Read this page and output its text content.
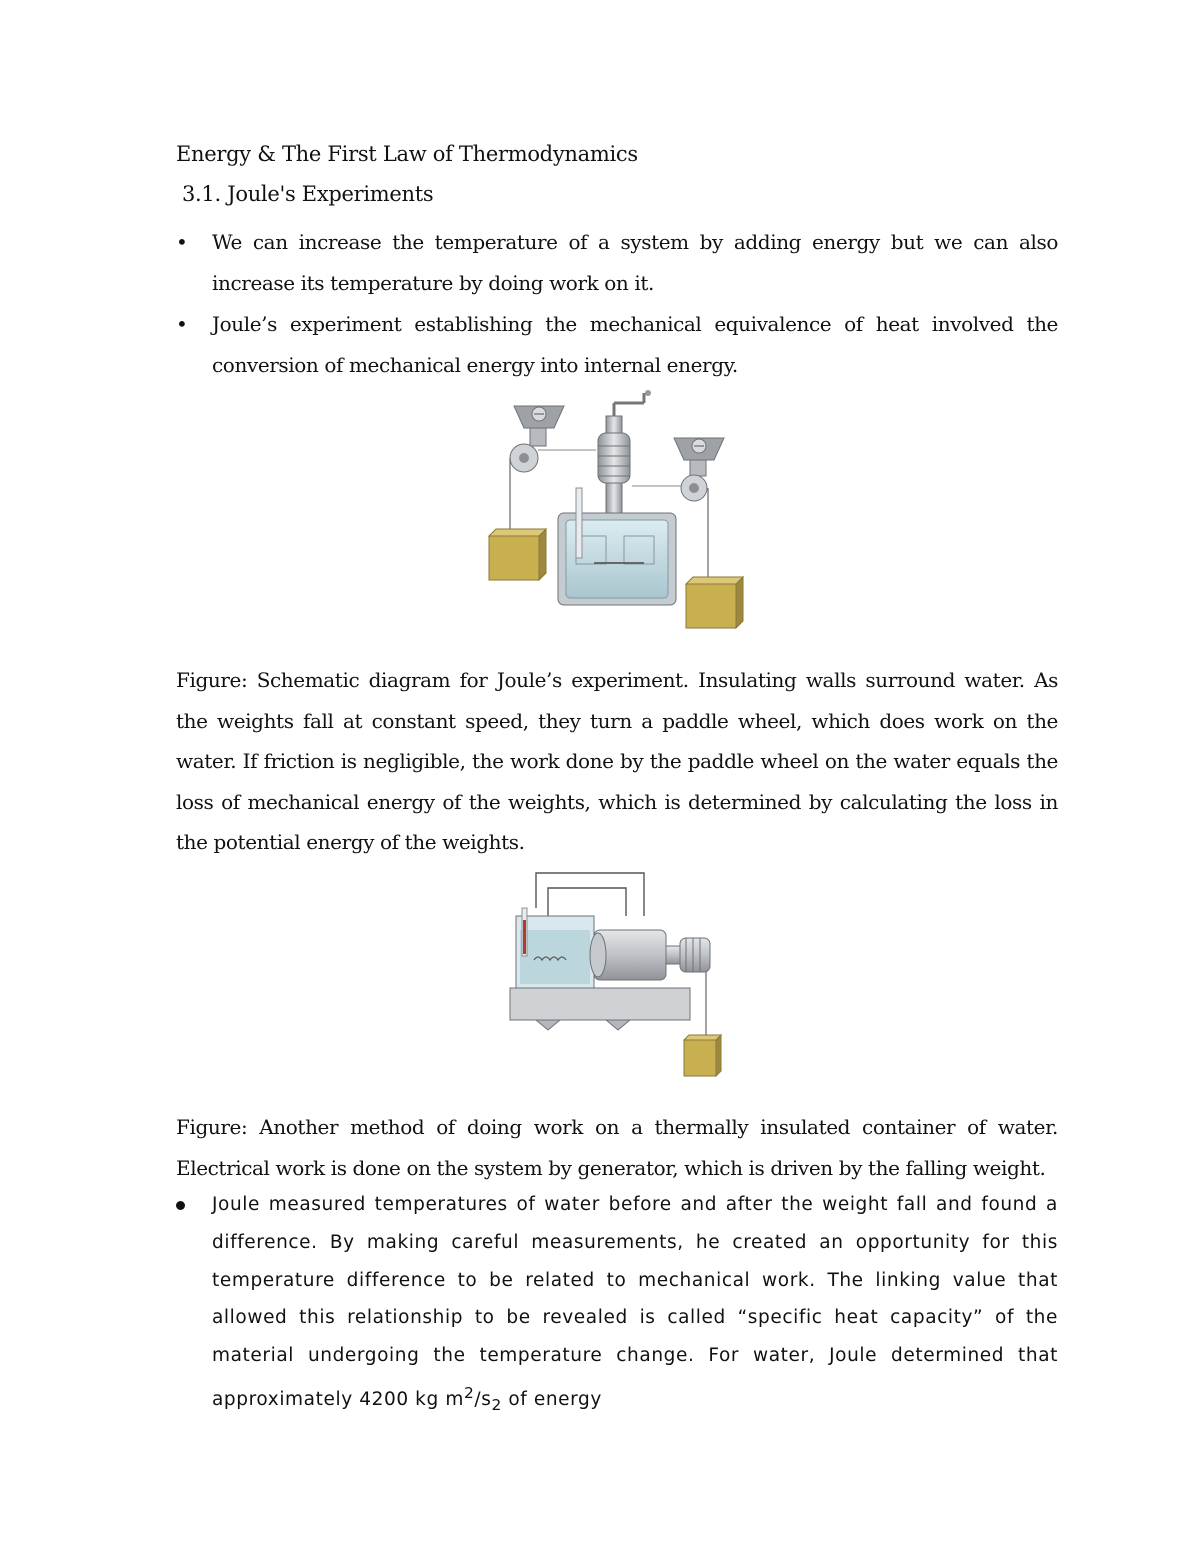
Energy & The First Law of Thermodynamics
3.1. Joule's Experiments
• We can increase the temperature of a system by adding energy but we can also increase its temperature by doing work on it.
• Joule’s experiment establishing the mechanical equivalence of heat involved the conversion of mechanical energy into internal energy.
Figure: Schematic diagram for Joule’s experiment. Insulating walls surround water. As the weights fall at constant speed, they turn a paddle wheel, which does work on the water. If friction is negligible, the work done by the paddle wheel on the water equals the loss of mechanical energy of the weights, which is determined by calculating the loss in the potential energy of the weights.
Figure: Another method of doing work on a thermally insulated container of water. Electrical work is done on the system by generator, which is driven by the falling weight.
Joule measured temperatures of water before and after the weight fall and found a difference. By making careful measurements, he created an opportunity for this temperature difference to be related to mechanical work. The linking value that allowed this relationship to be revealed is called “specific heat capacity” of the material undergoing the temperature change. For water, Joule determined that approximately 4200 kg $m^2/s_2$ of energy
